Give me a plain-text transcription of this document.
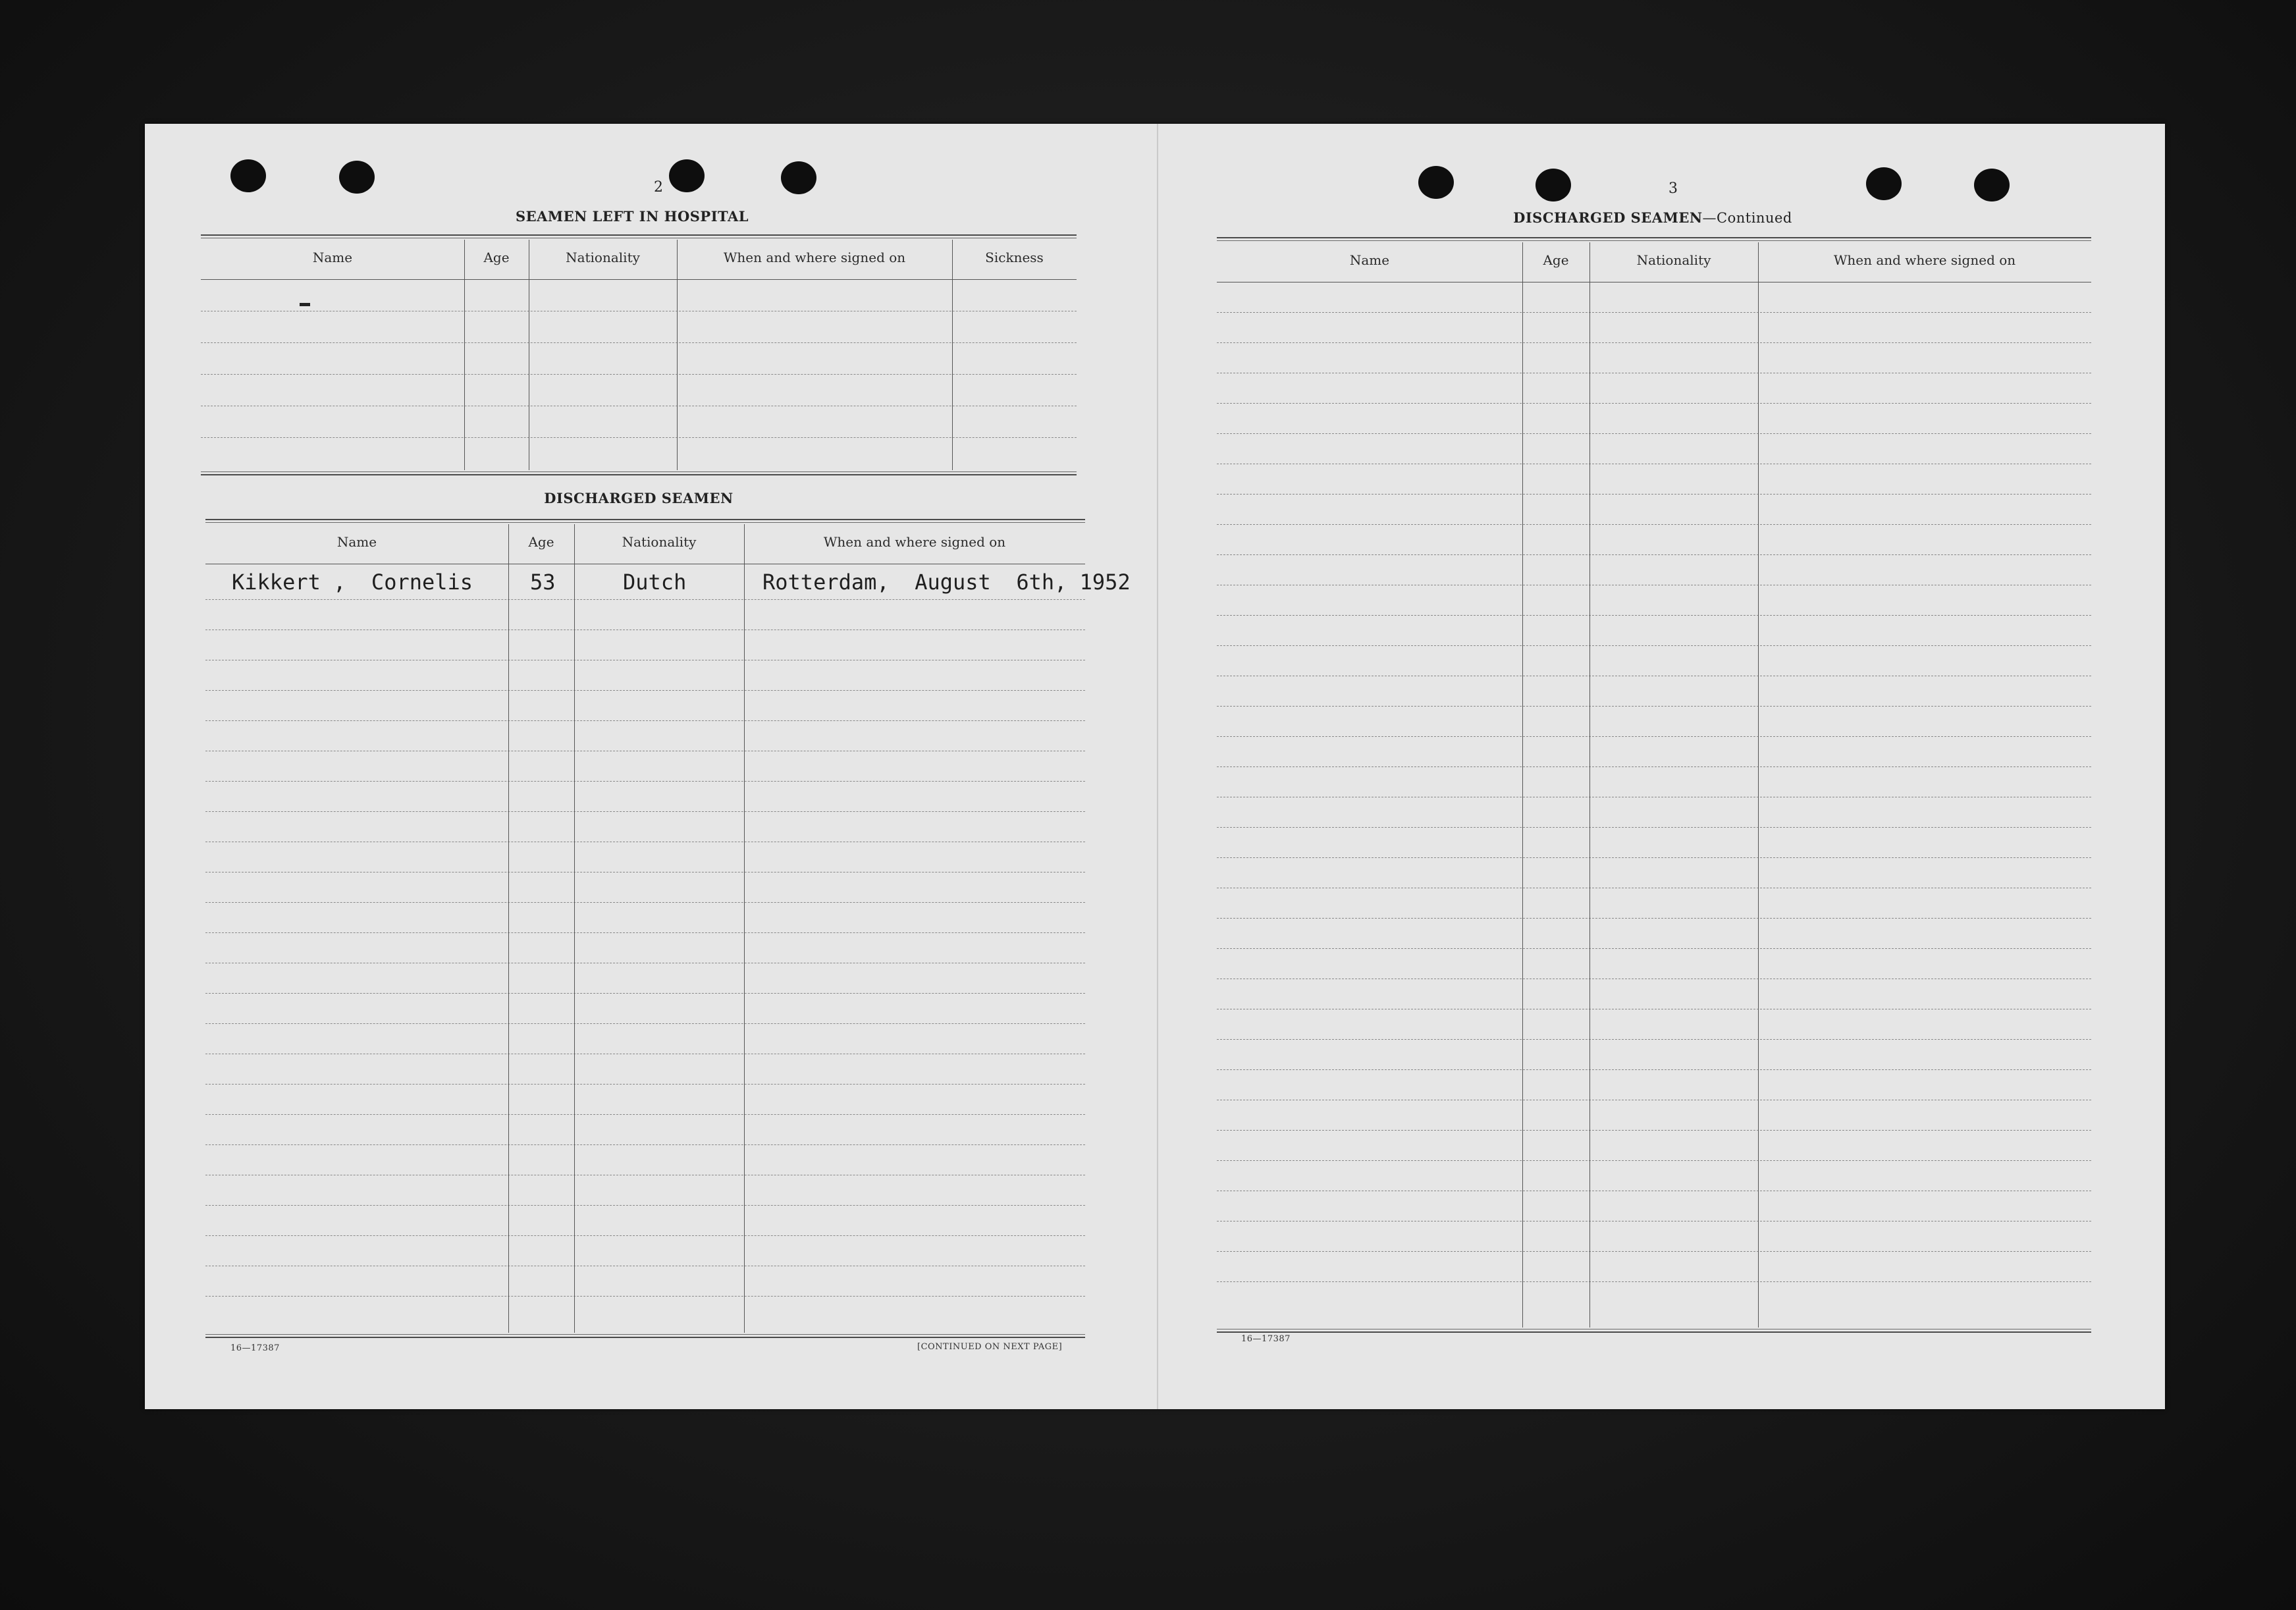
2	3
SEAMEN LEFT IN HOSPITAL
Name	Age	Nationality	When and where signed on	Sickness
DISCHARGED SEAMEN
Name	Age	Nationality	When and where signed on
Kikkert ,  Cornelis	53	Dutch	Rotterdam,  August  6th, 1952
16—17387	[CONTINUED ON NEXT PAGE]
DISCHARGED SEAMEN—Continued
Name	Age	Nationality	When and where signed on
16—17387
